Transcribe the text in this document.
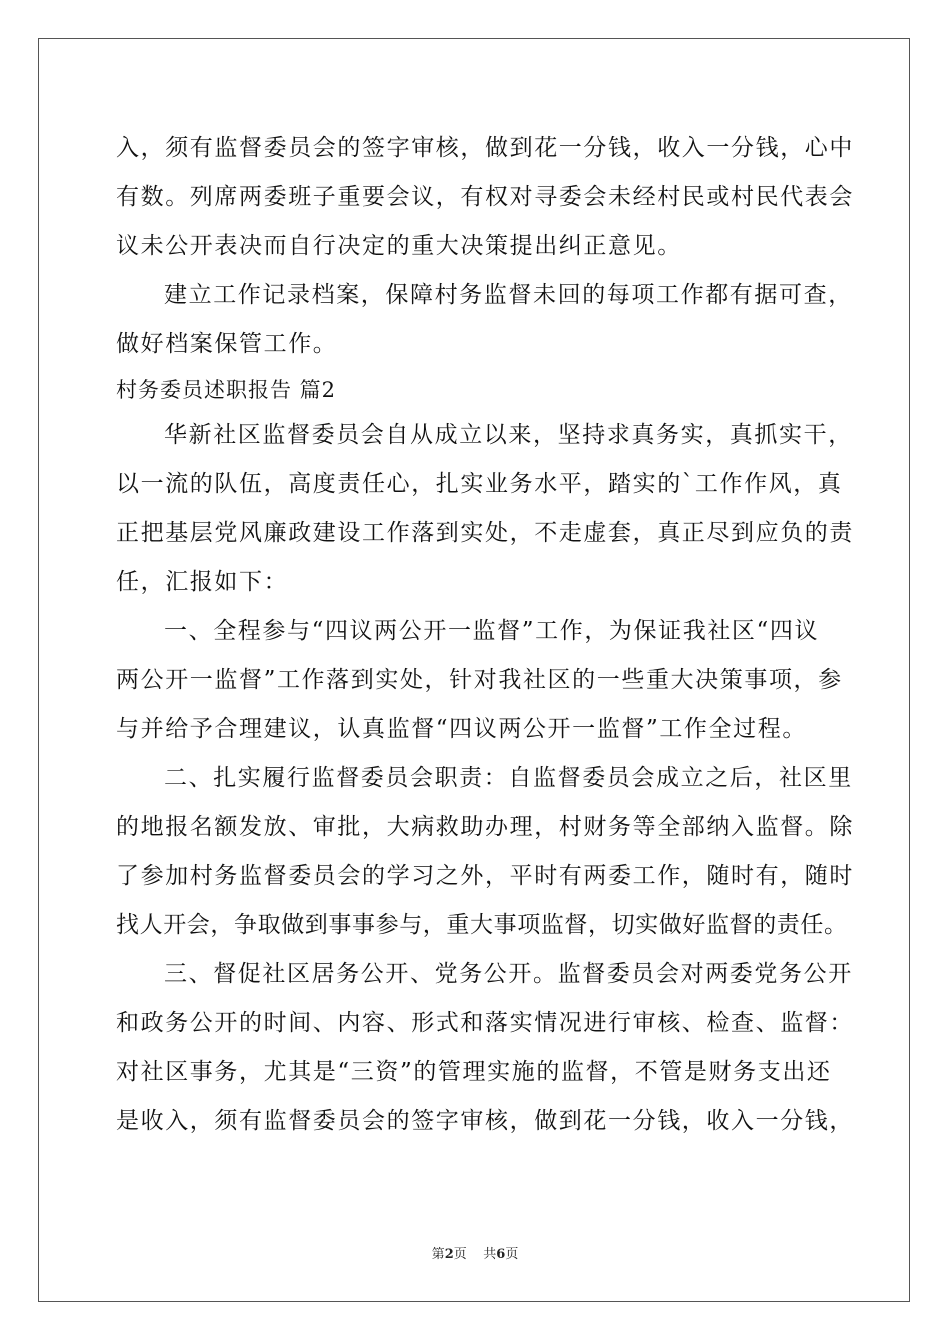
入，须有监督委员会的签字审核，做到花一分钱，收入一分钱，心中
有数。列席两委班子重要会议，有权对寻委会未经村民或村民代表会
议未公开表决而自行决定的重大决策提出纠正意见。
建立工作记录档案，保障村务监督未回的每项工作都有据可查，
做好档案保管工作。
村务委员述职报告 篇2
华新社区监督委员会自从成立以来，坚持求真务实，真抓实干，
以一流的队伍，高度责任心，扎实业务水平，踏实的`工作作风，真
正把基层党风廉政建设工作落到实处，不走虚套，真正尽到应负的责
任，汇报如下：
一、全程参与“四议两公开一监督”工作，为保证我社区“四议
两公开一监督”工作落到实处，针对我社区的一些重大决策事项，参
与并给予合理建议，认真监督“四议两公开一监督”工作全过程。
二、扎实履行监督委员会职责：自监督委员会成立之后，社区里
的地报名额发放、审批，大病救助办理，村财务等全部纳入监督。除
了参加村务监督委员会的学习之外，平时有两委工作，随时有，随时
找人开会，争取做到事事参与，重大事项监督，切实做好监督的责任。
三、督促社区居务公开、党务公开。监督委员会对两委党务公开
和政务公开的时间、内容、形式和落实情况进行审核、检查、监督：
对社区事务，尤其是“三资”的管理实施的监督，不管是财务支出还
是收入，须有监督委员会的签字审核，做到花一分钱，收入一分钱，
第2页    共6页
